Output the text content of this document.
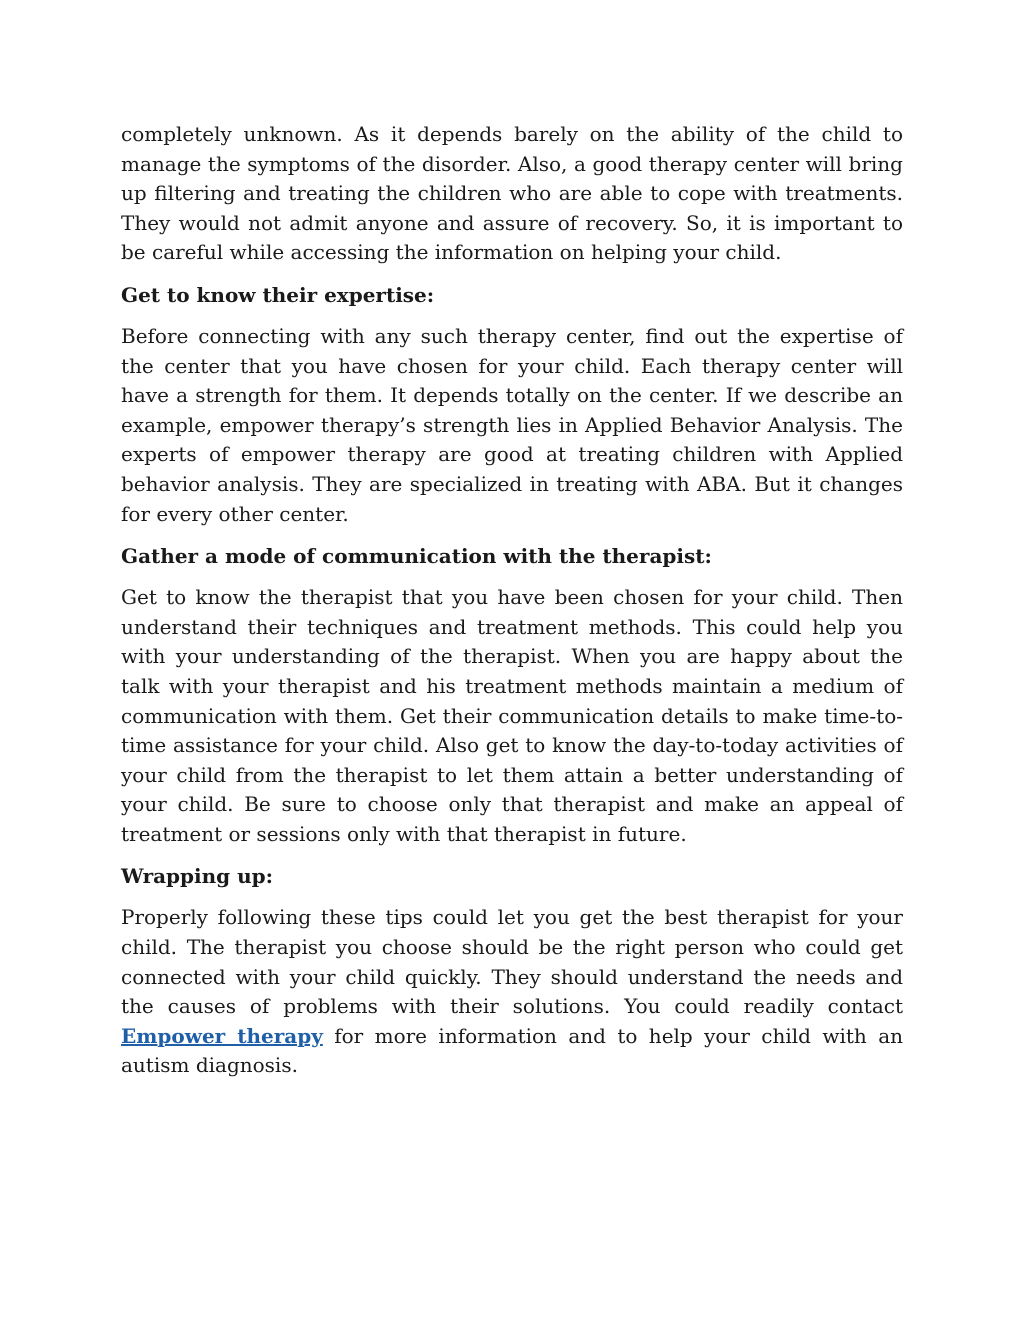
completely unknown. As it depends barely on the ability of the child to manage the symptoms of the disorder. Also, a good therapy center will bring up filtering and treating the children who are able to cope with treatments. They would not admit anyone and assure of recovery. So, it is important to be careful while accessing the information on helping your child.

Get to know their expertise:

Before connecting with any such therapy center, find out the expertise of the center that you have chosen for your child. Each therapy center will have a strength for them. It depends totally on the center. If we describe an example, empower therapy’s strength lies in Applied Behavior Analysis. The experts of empower therapy are good at treating children with Applied behavior analysis. They are specialized in treating with ABA. But it changes for every other center.

Gather a mode of communication with the therapist:

Get to know the therapist that you have been chosen for your child. Then understand their techniques and treatment methods. This could help you with your understanding of the therapist. When you are happy about the talk with your therapist and his treatment methods maintain a medium of communication with them. Get their communication details to make time-to-time assistance for your child. Also get to know the day-to-today activities of your child from the therapist to let them attain a better understanding of your child. Be sure to choose only that therapist and make an appeal of treatment or sessions only with that therapist in future.

Wrapping up:

Properly following these tips could let you get the best therapist for your child. The therapist you choose should be the right person who could get connected with your child quickly. They should understand the needs and the causes of problems with their solutions. You could readily contact Empower therapy for more information and to help your child with an autism diagnosis.
